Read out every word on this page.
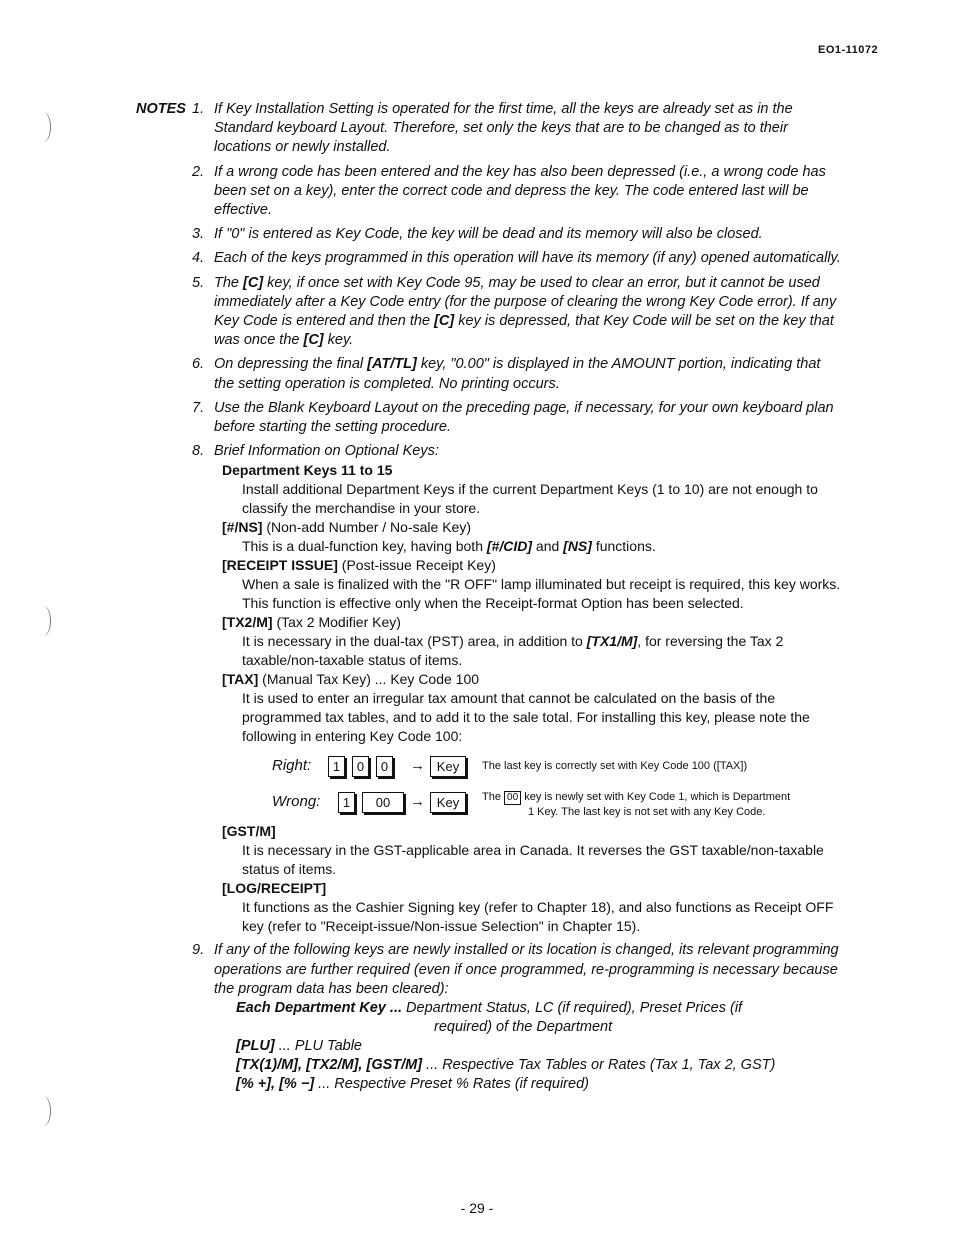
EO1-11072
NOTES 1. If Key Installation Setting is operated for the first time, all the keys are already set as in the Standard keyboard Layout. Therefore, set only the keys that are to be changed as to their locations or newly installed.
2. If a wrong code has been entered and the key has also been depressed (i.e., a wrong code has been set on a key), enter the correct code and depress the key. The code entered last will be effective.
3. If "0" is entered as Key Code, the key will be dead and its memory will also be closed.
4. Each of the keys programmed in this operation will have its memory (if any) opened automatically.
5. The [C] key, if once set with Key Code 95, may be used to clear an error, but it cannot be used immediately after a Key Code entry (for the purpose of clearing the wrong Key Code error). If any Key Code is entered and then the [C] key is depressed, that Key Code will be set on the key that was once the [C] key.
6. On depressing the final [AT/TL] key, "0.00" is displayed in the AMOUNT portion, indicating that the setting operation is completed. No printing occurs.
7. Use the Blank Keyboard Layout on the preceding page, if necessary, for your own keyboard plan before starting the setting procedure.
8. Brief Information on Optional Keys:
Department Keys 11 to 15
Install additional Department Keys if the current Department Keys (1 to 10) are not enough to classify the merchandise in your store.
[#/NS] (Non-add Number / No-sale Key)
This is a dual-function key, having both [#/CID] and [NS] functions.
[RECEIPT ISSUE] (Post-issue Receipt Key)
When a sale is finalized with the "R OFF" lamp illuminated but receipt is required, this key works. This function is effective only when the Receipt-format Option has been selected.
[TX2/M] (Tax 2 Modifier Key)
It is necessary in the dual-tax (PST) area, in addition to [TX1/M], for reversing the Tax 2 taxable/non-taxable status of items.
[TAX] (Manual Tax Key) ... Key Code 100
It is used to enter an irregular tax amount that cannot be calculated on the basis of the programmed tax tables, and to add it to the sale total. For installing this key, please note the following in entering Key Code 100:
Right:	1	0	0	→ Key	The last key is correctly set with Key Code 100 ([TAX])
Wrong:	1	00	→ Key	The 00 key is newly set with Key Code 1, which is Department
1 Key. The last key is not set with any Key Code.
[GST/M]
It is necessary in the GST-applicable area in Canada. It reverses the GST taxable/non-taxable status of items.
[LOG/RECEIPT]
It functions as the Cashier Signing key (refer to Chapter 18), and also functions as Receipt OFF key (refer to "Receipt-issue/Non-issue Selection" in Chapter 15).
9. If any of the following keys are newly installed or its location is changed, its relevant programming operations are further required (even if once programmed, re-programming is necessary because the program data has been cleared):
Each Department Key ... Department Status, LC (if required), Preset Prices (if
required) of the Department
[PLU] ... PLU Table
[TX(1)/M], [TX2/M], [GST/M] ... Respective Tax Tables or Rates (Tax 1, Tax 2, GST)
[% +], [% −] ... Respective Preset % Rates (if required)
- 29 -
